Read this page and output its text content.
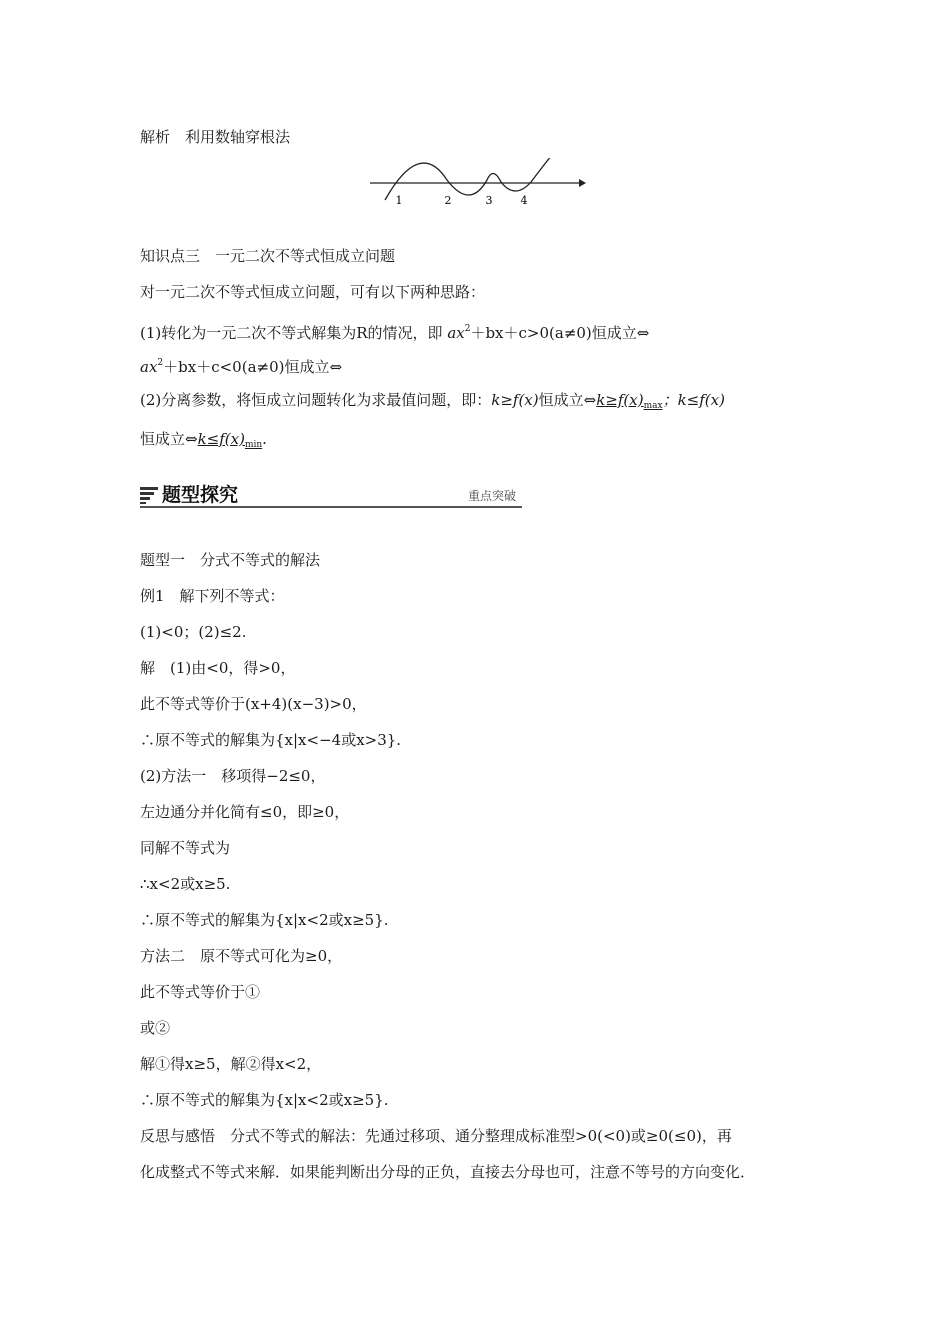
解析　利用数轴穿根法
1	2	3	4
知识点三　一元二次不等式恒成立问题
对一元二次不等式恒成立问题，可有以下两种思路：
(1)转化为一元二次不等式解集为R的情况，即 $ax^2+bx+c>0(a\ne 0)$恒成立⇔
$ax^2+bx+c<0(a\ne 0)$恒成立⇔
(2)分离参数，将恒成立问题转化为求最值问题，即：k≥f(x)恒成立$\Leftrightarrow k\ge f(x)_{max}$；k≤f(x)
恒成立$\Leftrightarrow k\le f(x)_{min}$.
题型探究	重点突破
题型一　分式不等式的解法
例1　解下列不等式：
(1)<0；(2)≤2.
解　(1)由<0，得>0，
此不等式等价于(x+4)(x−3)>0，
∴原不等式的解集为{x|x<−4或x>3}.
(2)方法一　移项得−2≤0，
左边通分并化简有≤0，即≥0，
同解不等式为
∴x<2或x≥5.
∴原不等式的解集为{x|x<2或x≥5}.
方法二　原不等式可化为≥0，
此不等式等价于①
或②
解①得x≥5，解②得x<2，
∴原不等式的解集为{x|x<2或x≥5}.
反思与感悟　分式不等式的解法：先通过移项、通分整理成标准型>0(<0)或≥0(≤0)，再
化成整式不等式来解．如果能判断出分母的正负，直接去分母也可，注意不等号的方向变化．
